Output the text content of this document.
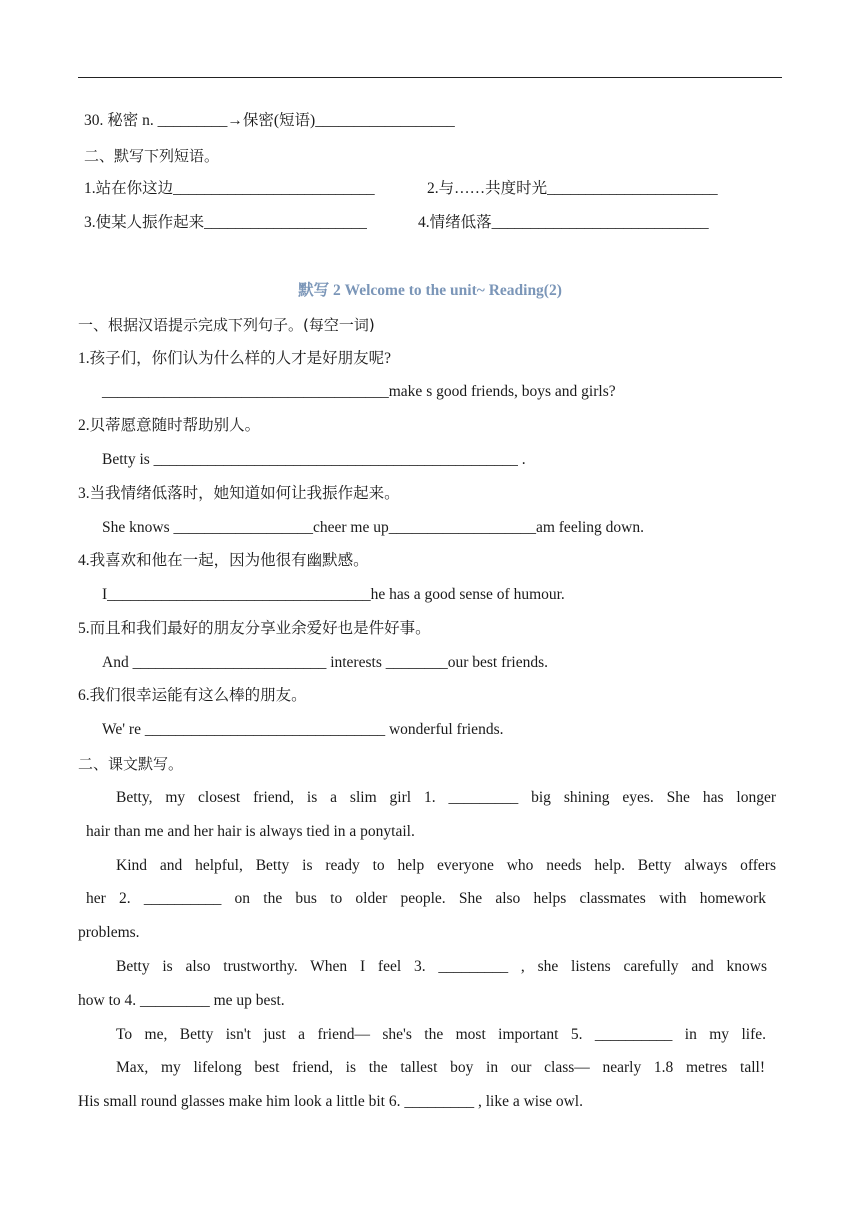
30. 秘密 n. _________→保密(短语)__________________
二、默写下列短语。
1.站在你这边__________________________	2.与……共度时光______________________
3.使某人振作起来_____________________	4.情绪低落____________________________
默写 2 Welcome to the unit~ Reading(2)
一、根据汉语提示完成下列句子。(每空一词)
1.孩子们，你们认为什么样的人才是好朋友呢?
_____________________________________make s good friends, boys and girls?
2.贝蒂愿意随时帮助别人。
Betty is _______________________________________________ .
3.当我情绪低落时，她知道如何让我振作起来。
She knows __________________cheer me up___________________am feeling down.
4.我喜欢和他在一起，因为他很有幽默感。
I__________________________________he has a good sense of humour.
5.而且和我们最好的朋友分享业余爱好也是件好事。
And _________________________ interests ________our best friends.
6.我们很幸运能有这么棒的朋友。
We' re _______________________________ wonderful friends.
二、课文默写。
Betty, my closest friend, is a slim girl 1. _________ big shining eyes. She has longer
hair than me and her hair is always tied in a ponytail.
Kind and helpful, Betty is ready to help everyone who needs help. Betty always offers
her 2. __________ on the bus to older people. She also helps classmates with homework
problems.
Betty is also trustworthy. When I feel 3. _________ , she listens carefully and knows
how to 4. _________ me up best.
To me, Betty isn't just a friend— she's the most important 5. __________ in my life.
Max, my lifelong best friend, is the tallest boy in our class— nearly 1.8 metres tall!
His small round glasses make him look a little bit 6. _________ , like a wise owl.
